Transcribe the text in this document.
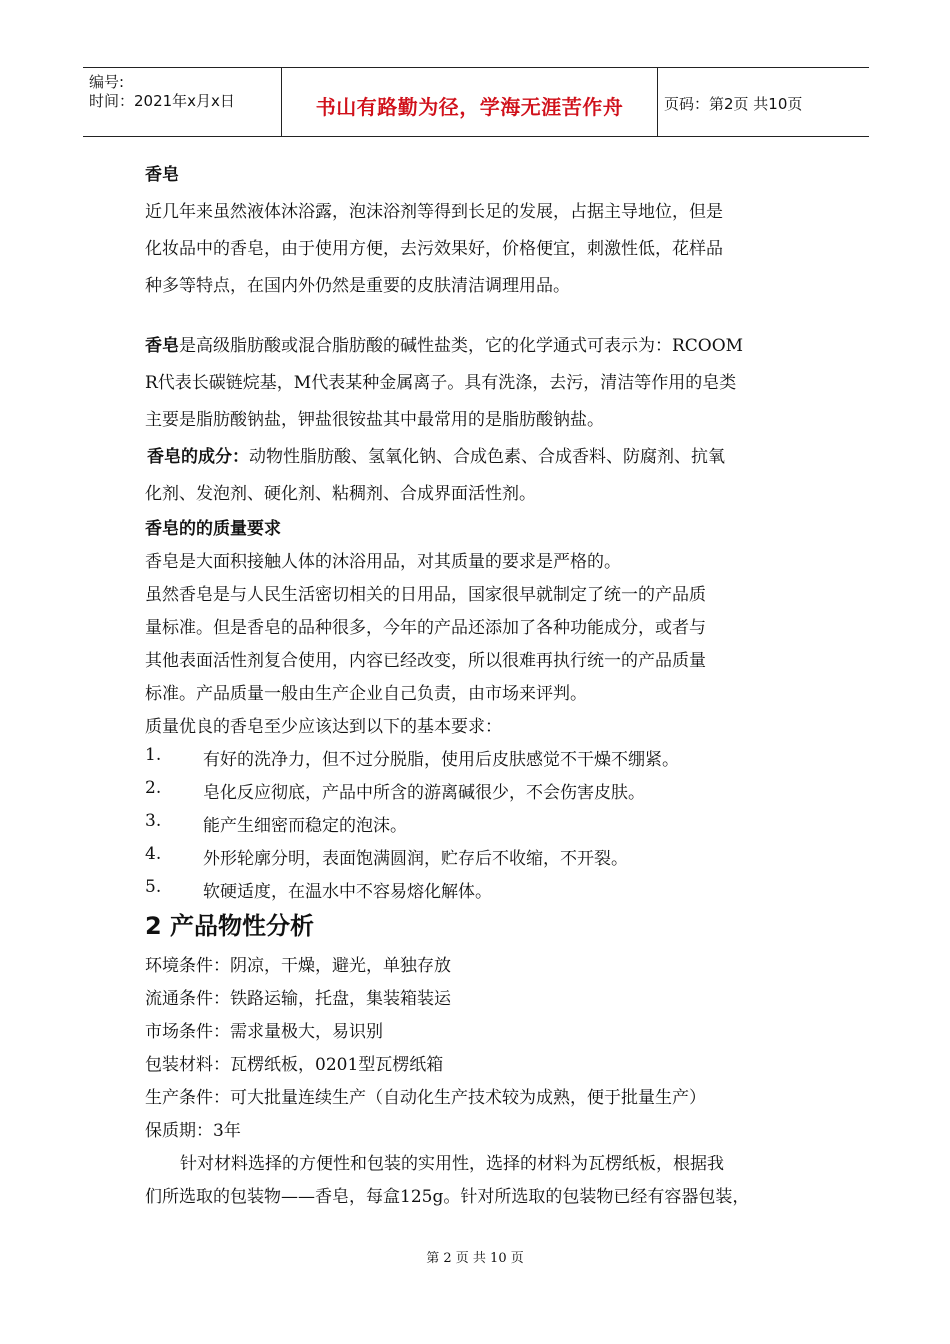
编号:
时间：2021年x月x日	书山有路勤为径，学海无涯苦作舟	页码：第2页 共10页
香皂
近几年来虽然液体沐浴露，泡沫浴剂等得到长足的发展，占据主导地位，但是
化妆品中的香皂，由于使用方便，去污效果好，价格便宜，刺激性低，花样品
种多等特点，在国内外仍然是重要的皮肤清洁调理用品。
香皂是高级脂肪酸或混合脂肪酸的碱性盐类，它的化学通式可表示为：RCOOM
R代表长碳链烷基，M代表某种金属离子。具有洗涤，去污，清洁等作用的皂类
主要是脂肪酸钠盐，钾盐很铵盐其中最常用的是脂肪酸钠盐。
香皂的成分：动物性脂肪酸、氢氧化钠、合成色素、合成香料、防腐剂、抗氧
化剂、发泡剂、硬化剂、粘稠剂、合成界面活性剂。
香皂的的质量要求
香皂是大面积接触人体的沐浴用品，对其质量的要求是严格的。
虽然香皂是与人民生活密切相关的日用品，国家很早就制定了统一的产品质
量标准。但是香皂的品种很多，今年的产品还添加了各种功能成分，或者与
其他表面活性剂复合使用，内容已经改变，所以很难再执行统一的产品质量
标准。产品质量一般由生产企业自己负责，由市场来评判。
质量优良的香皂至少应该达到以下的基本要求：
1. 有好的洗净力，但不过分脱脂，使用后皮肤感觉不干燥不绷紧。
2. 皂化反应彻底，产品中所含的游离碱很少，不会伤害皮肤。
3. 能产生细密而稳定的泡沫。
4. 外形轮廓分明，表面饱满圆润，贮存后不收缩，不开裂。
5. 软硬适度，在温水中不容易熔化解体。
2 产品物性分析
环境条件：阴凉，干燥，避光，单独存放
流通条件：铁路运输，托盘，集装箱装运
市场条件：需求量极大，易识别
包装材料：瓦楞纸板，0201型瓦楞纸箱
生产条件：可大批量连续生产（自动化生产技术较为成熟，便于批量生产）
保质期：3年
针对材料选择的方便性和包装的实用性，选择的材料为瓦楞纸板，根据我
们所选取的包装物——香皂，每盒125g。针对所选取的包装物已经有容器包装，
第 2 页 共 10 页
